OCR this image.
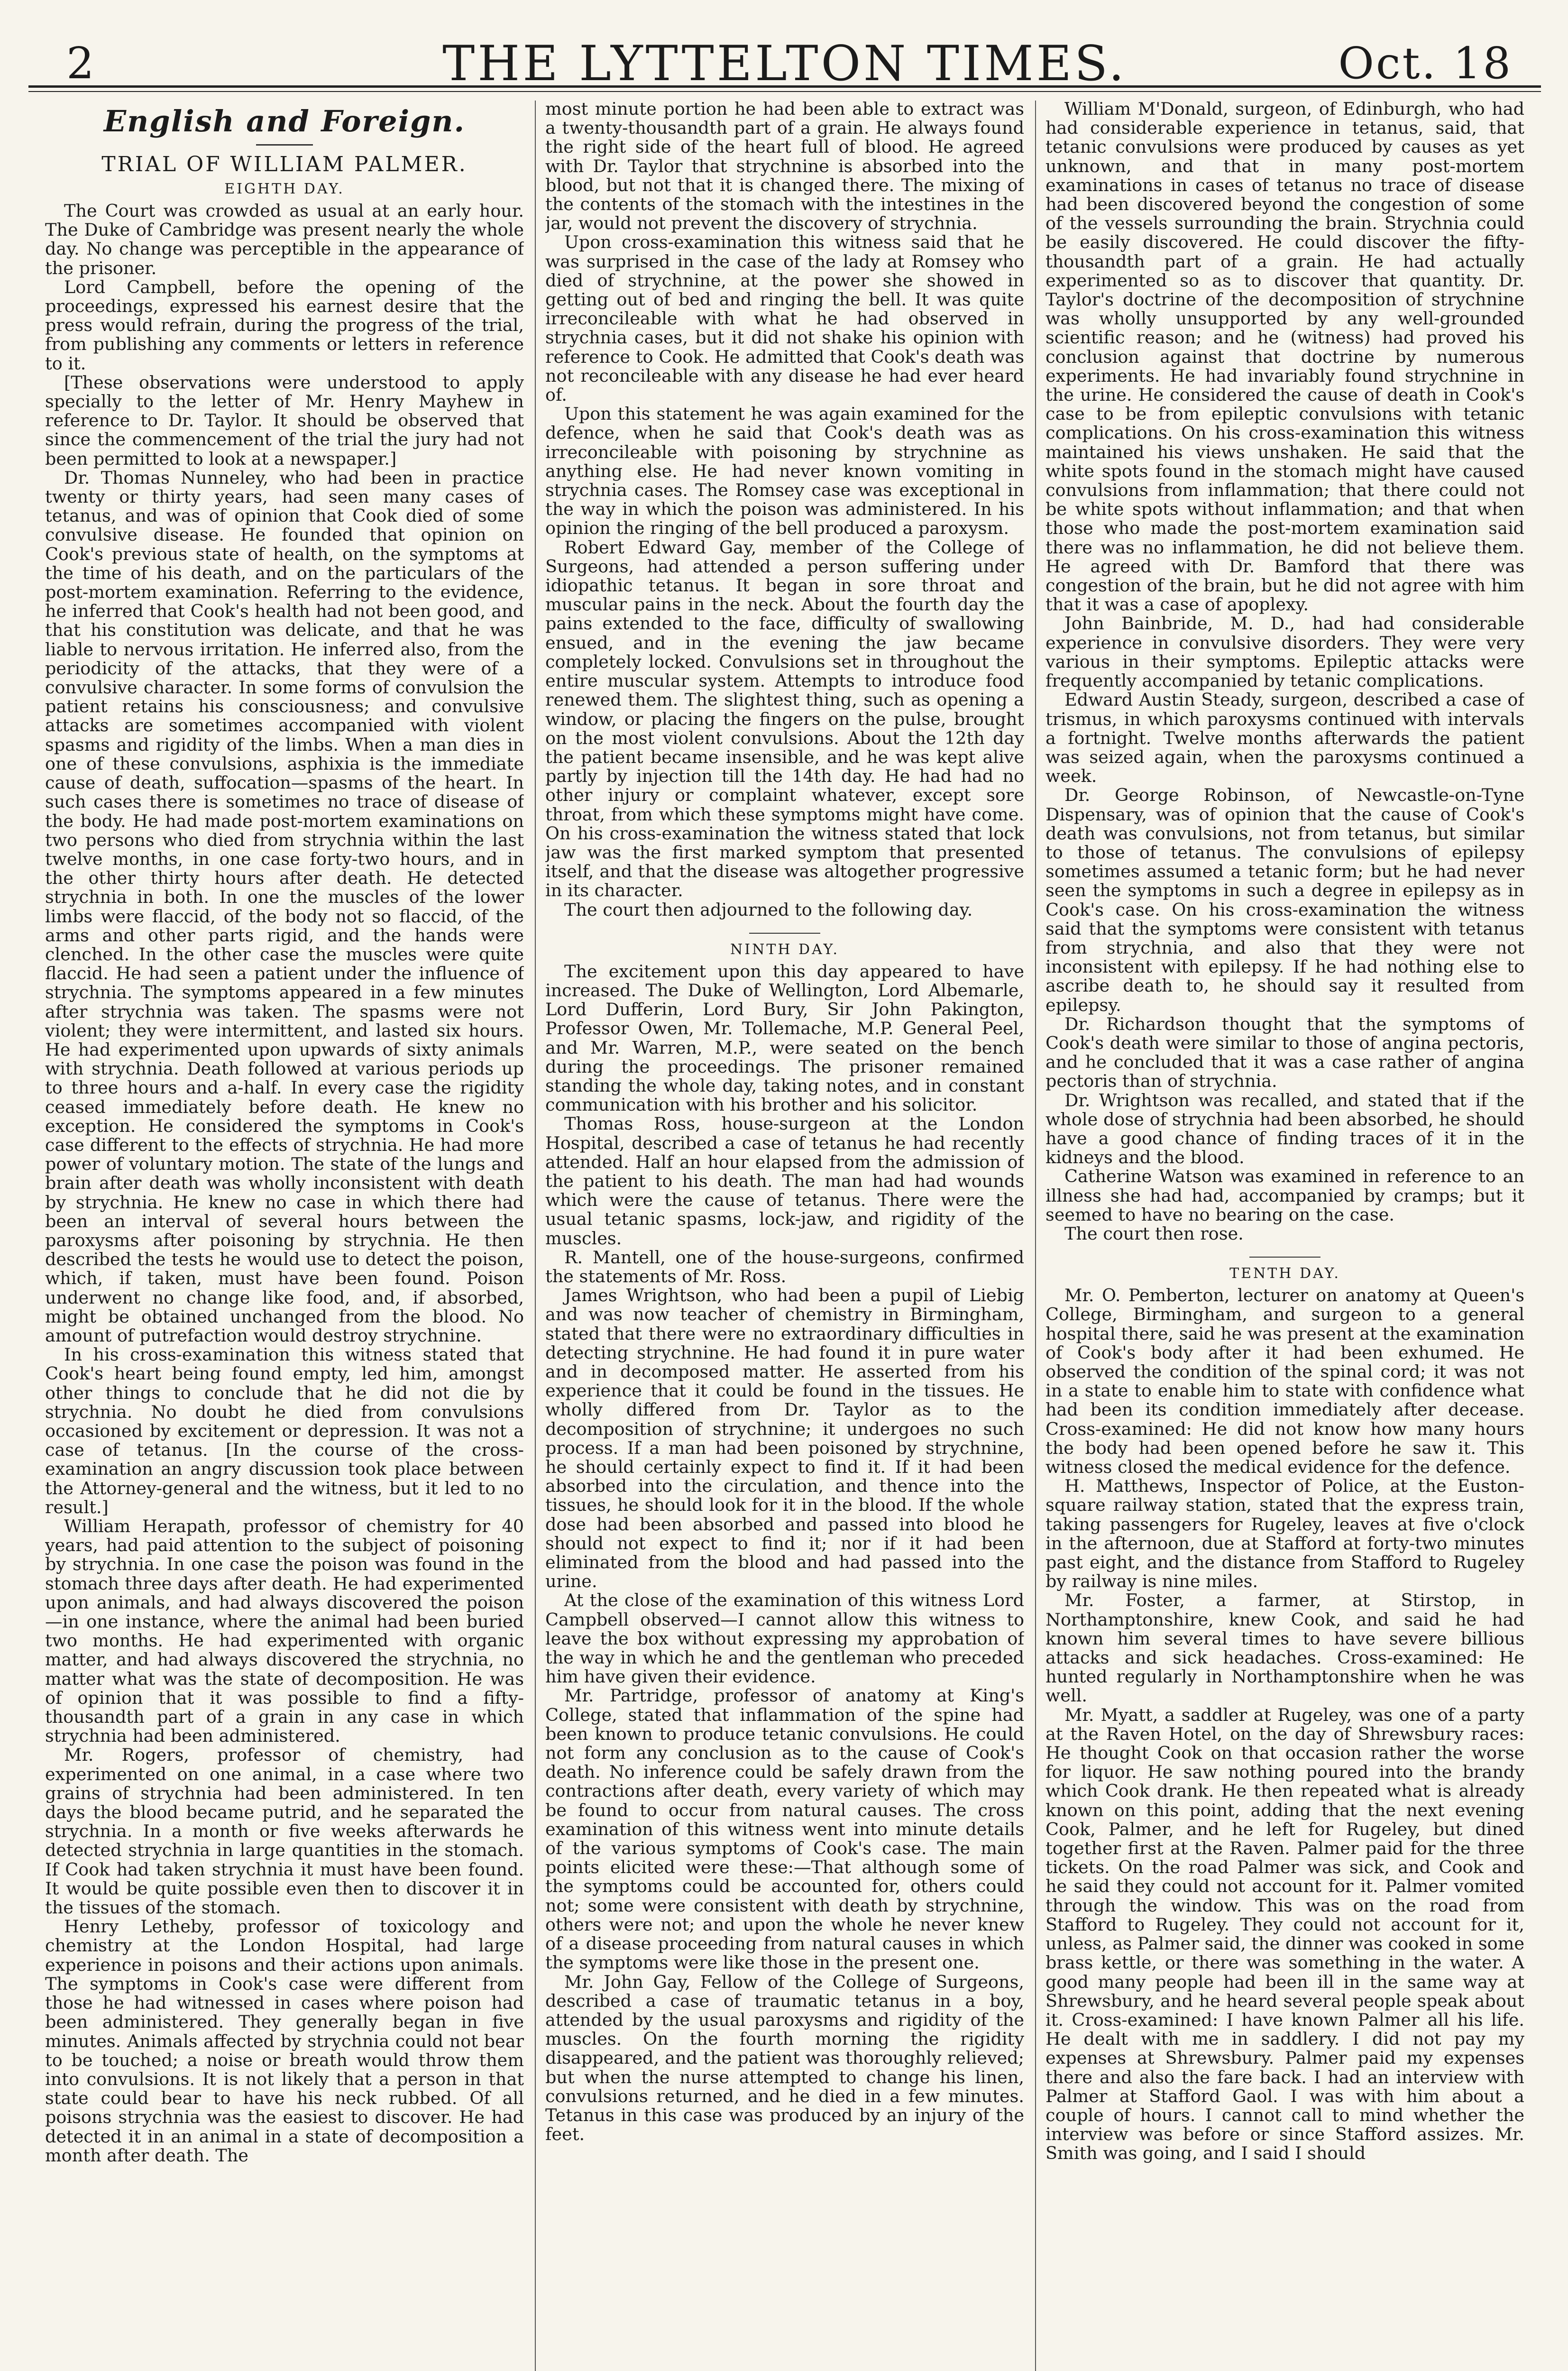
2	THE LYTTELTON TIMES.	Oct. 18
English and Foreign.
TRIAL OF WILLIAM PALMER.
EIGHTH DAY.

The Court was crowded as usual at an early hour. The Duke of Cambridge was present nearly the whole day. No change was perceptible in the appearance of the prisoner.

Lord Campbell, before the opening of the proceedings, expressed his earnest desire that the press would refrain, during the progress of the trial, from publishing any comments or letters in reference to it.

[These observations were understood to apply specially to the letter of Mr. Henry Mayhew in reference to Dr. Taylor. It should be observed that since the commencement of the trial the jury had not been permitted to look at a newspaper.]

Dr. Thomas Nunneley, who had been in practice twenty or thirty years, had seen many cases of tetanus, and was of opinion that Cook died of some convulsive disease. He founded that opinion on Cook's previous state of health, on the symptoms at the time of his death, and on the particulars of the post-mortem examination. Referring to the evidence, he inferred that Cook's health had not been good, and that his constitution was delicate, and that he was liable to nervous irritation. He inferred also, from the periodicity of the attacks, that they were of a convulsive character. In some forms of convulsion the patient retains his consciousness; and convulsive attacks are sometimes accompanied with violent spasms and rigidity of the limbs. When a man dies in one of these convulsions, asphixia is the immediate cause of death, suffocation—spasms of the heart. In such cases there is sometimes no trace of disease of the body. He had made post-mortem examinations on two persons who died from strychnia within the last twelve months, in one case forty-two hours, and in the other thirty hours after death. He detected strychnia in both. In one the muscles of the lower limbs were flaccid, of the body not so flaccid, of the arms and other parts rigid, and the hands were clenched. In the other case the muscles were quite flaccid. He had seen a patient under the influence of strychnia. The symptoms appeared in a few minutes after strychnia was taken. The spasms were not violent; they were intermittent, and lasted six hours. He had experimented upon upwards of sixty animals with strychnia. Death followed at various periods up to three hours and a-half. In every case the rigidity ceased immediately before death. He knew no exception. He considered the symptoms in Cook's case different to the effects of strychnia. He had more power of voluntary motion. The state of the lungs and brain after death was wholly inconsistent with death by strychnia. He knew no case in which there had been an interval of several hours between the paroxysms after poisoning by strychnia. He then described the tests he would use to detect the poison, which, if taken, must have been found. Poison underwent no change like food, and, if absorbed, might be obtained unchanged from the blood. No amount of putrefaction would destroy strychnine.

In his cross-examination this witness stated that Cook's heart being found empty, led him, amongst other things to conclude that he did not die by strychnia. No doubt he died from convulsions occasioned by excitement or depression. It was not a case of tetanus. [In the course of the cross-examination an angry discussion took place between the Attorney-general and the witness, but it led to no result.]

William Herapath, professor of chemistry for 40 years, had paid attention to the subject of poisoning by strychnia. In one case the poison was found in the stomach three days after death. He had experimented upon animals, and had always discovered the poison—in one instance, where the animal had been buried two months. He had experimented with organic matter, and had always discovered the strychnia, no matter what was the state of decomposition. He was of opinion that it was possible to find a fifty-thousandth part of a grain in any case in which strychnia had been administered.

Mr. Rogers, professor of chemistry, had experimented on one animal, in a case where two grains of strychnia had been administered. In ten days the blood became putrid, and he separated the strychnia. In a month or five weeks afterwards he detected strychnia in large quantities in the stomach. If Cook had taken strychnia it must have been found. It would be quite possible even then to discover it in the tissues of the stomach.

Henry Letheby, professor of toxicology and chemistry at the London Hospital, had large experience in poisons and their actions upon animals. The symptoms in Cook's case were different from those he had witnessed in cases where poison had been administered. They generally began in five minutes. Animals affected by strychnia could not bear to be touched; a noise or breath would throw them into convulsions. It is not likely that a person in that state could bear to have his neck rubbed. Of all poisons strychnia was the easiest to discover. He had detected it in an animal in a state of decomposition a month after death. The

most minute portion he had been able to extract was a twenty-thousandth part of a grain. He always found the right side of the heart full of blood. He agreed with Dr. Taylor that strychnine is absorbed into the blood, but not that it is changed there. The mixing of the contents of the stomach with the intestines in the jar, would not prevent the discovery of strychnia.

Upon cross-examination this witness said that he was surprised in the case of the lady at Romsey who died of strychnine, at the power she showed in getting out of bed and ringing the bell. It was quite irreconcileable with what he had observed in strychnia cases, but it did not shake his opinion with reference to Cook. He admitted that Cook's death was not reconcileable with any disease he had ever heard of.

Upon this statement he was again examined for the defence, when he said that Cook's death was as irreconcileable with poisoning by strychnine as anything else. He had never known vomiting in strychnia cases. The Romsey case was exceptional in the way in which the poison was administered. In his opinion the ringing of the bell produced a paroxysm.

Robert Edward Gay, member of the College of Surgeons, had attended a person suffering under idiopathic tetanus. It began in sore throat and muscular pains in the neck. About the fourth day the pains extended to the face, difficulty of swallowing ensued, and in the evening the jaw became completely locked. Convulsions set in throughout the entire muscular system. Attempts to introduce food renewed them. The slightest thing, such as opening a window, or placing the fingers on the pulse, brought on the most violent convulsions. About the 12th day the patient became insensible, and he was kept alive partly by injection till the 14th day. He had had no other injury or complaint whatever, except sore throat, from which these symptoms might have come. On his cross-examination the witness stated that lock jaw was the first marked symptom that presented itself, and that the disease was altogether progressive in its character.

The court then adjourned to the following day.

NINTH DAY.

The excitement upon this day appeared to have increased. The Duke of Wellington, Lord Albemarle, Lord Dufferin, Lord Bury, Sir John Pakington, Professor Owen, Mr. Tollemache, M.P. General Peel, and Mr. Warren, M.P., were seated on the bench during the proceedings. The prisoner remained standing the whole day, taking notes, and in constant communication with his brother and his solicitor.

Thomas Ross, house-surgeon at the London Hospital, described a case of tetanus he had recently attended. Half an hour elapsed from the admission of the patient to his death. The man had had wounds which were the cause of tetanus. There were the usual tetanic spasms, lock-jaw, and rigidity of the muscles.

R. Mantell, one of the house-surgeons, confirmed the statements of Mr. Ross.

James Wrightson, who had been a pupil of Liebig and was now teacher of chemistry in Birmingham, stated that there were no extraordinary difficulties in detecting strychnine. He had found it in pure water and in decomposed matter. He asserted from his experience that it could be found in the tissues. He wholly differed from Dr. Taylor as to the decomposition of strychnine; it undergoes no such process. If a man had been poisoned by strychnine, he should certainly expect to find it. If it had been absorbed into the circulation, and thence into the tissues, he should look for it in the blood. If the whole dose had been absorbed and passed into blood he should not expect to find it; nor if it had been eliminated from the blood and had passed into the urine.

At the close of the examination of this witness Lord Campbell observed—I cannot allow this witness to leave the box without expressing my approbation of the way in which he and the gentleman who preceded him have given their evidence.

Mr. Partridge, professor of anatomy at King's College, stated that inflammation of the spine had been known to produce tetanic convulsions. He could not form any conclusion as to the cause of Cook's death. No inference could be safely drawn from the contractions after death, every variety of which may be found to occur from natural causes. The cross examination of this witness went into minute details of the various symptoms of Cook's case. The main points elicited were these:—That although some of the symptoms could be accounted for, others could not; some were consistent with death by strychnine, others were not; and upon the whole he never knew of a disease proceeding from natural causes in which the symptoms were like those in the present one.

Mr. John Gay, Fellow of the College of Surgeons, described a case of traumatic tetanus in a boy, attended by the usual paroxysms and rigidity of the muscles. On the fourth morning the rigidity disappeared, and the patient was thoroughly relieved; but when the nurse attempted to change his linen, convulsions returned, and he died in a few minutes. Tetanus in this case was produced by an injury of the feet.

William M'Donald, surgeon, of Edinburgh, who had had considerable experience in tetanus, said, that tetanic convulsions were produced by causes as yet unknown, and that in many post-mortem examinations in cases of tetanus no trace of disease had been discovered beyond the congestion of some of the vessels surrounding the brain. Strychnia could be easily discovered. He could discover the fifty-thousandth part of a grain. He had actually experimented so as to discover that quantity. Dr. Taylor's doctrine of the decomposition of strychnine was wholly unsupported by any well-grounded scientific reason; and he (witness) had proved his conclusion against that doctrine by numerous experiments. He had invariably found strychnine in the urine. He considered the cause of death in Cook's case to be from epileptic convulsions with tetanic complications. On his cross-examination this witness maintained his views unshaken. He said that the white spots found in the stomach might have caused convulsions from inflammation; that there could not be white spots without inflammation; and that when those who made the post-mortem examination said there was no inflammation, he did not believe them. He agreed with Dr. Bamford that there was congestion of the brain, but he did not agree with him that it was a case of apoplexy.

John Bainbride, M. D., had had considerable experience in convulsive disorders. They were very various in their symptoms. Epileptic attacks were frequently accompanied by tetanic complications.

Edward Austin Steady, surgeon, described a case of trismus, in which paroxysms continued with intervals a fortnight. Twelve months afterwards the patient was seized again, when the paroxysms continued a week.

Dr. George Robinson, of Newcastle-on-Tyne Dispensary, was of opinion that the cause of Cook's death was convulsions, not from tetanus, but similar to those of tetanus. The convulsions of epilepsy sometimes assumed a tetanic form; but he had never seen the symptoms in such a degree in epilepsy as in Cook's case. On his cross-examination the witness said that the symptoms were consistent with tetanus from strychnia, and also that they were not inconsistent with epilepsy. If he had nothing else to ascribe death to, he should say it resulted from epilepsy.

Dr. Richardson thought that the symptoms of Cook's death were similar to those of angina pectoris, and he concluded that it was a case rather of angina pectoris than of strychnia.

Dr. Wrightson was recalled, and stated that if the whole dose of strychnia had been absorbed, he should have a good chance of finding traces of it in the kidneys and the blood.

Catherine Watson was examined in reference to an illness she had had, accompanied by cramps; but it seemed to have no bearing on the case.

The court then rose.

TENTH DAY.

Mr. O. Pemberton, lecturer on anatomy at Queen's College, Birmingham, and surgeon to a general hospital there, said he was present at the examination of Cook's body after it had been exhumed. He observed the condition of the spinal cord; it was not in a state to enable him to state with confidence what had been its condition immediately after decease. Cross-examined: He did not know how many hours the body had been opened before he saw it. This witness closed the medical evidence for the defence.

H. Matthews, Inspector of Police, at the Euston-square railway station, stated that the express train, taking passengers for Rugeley, leaves at five o'clock in the afternoon, due at Stafford at forty-two minutes past eight, and the distance from Stafford to Rugeley by railway is nine miles.

Mr. Foster, a farmer, at Stirstop, in Northamptonshire, knew Cook, and said he had known him several times to have severe billious attacks and sick headaches. Cross-examined: He hunted regularly in Northamptonshire when he was well.

Mr. Myatt, a saddler at Rugeley, was one of a party at the Raven Hotel, on the day of Shrewsbury races: He thought Cook on that occasion rather the worse for liquor. He saw nothing poured into the brandy which Cook drank. He then repeated what is already known on this point, adding that the next evening Cook, Palmer, and he left for Rugeley, but dined together first at the Raven. Palmer paid for the three tickets. On the road Palmer was sick, and Cook and he said they could not account for it. Palmer vomited through the window. This was on the road from Stafford to Rugeley. They could not account for it, unless, as Palmer said, the dinner was cooked in some brass kettle, or there was something in the water. A good many people had been ill in the same way at Shrewsbury, and he heard several people speak about it. Cross-examined: I have known Palmer all his life. He dealt with me in saddlery. I did not pay my expenses at Shrewsbury. Palmer paid my expenses there and also the fare back. I had an interview with Palmer at Stafford Gaol. I was with him about a couple of hours. I cannot call to mind whether the interview was before or since Stafford assizes. Mr. Smith was going, and I said I should
